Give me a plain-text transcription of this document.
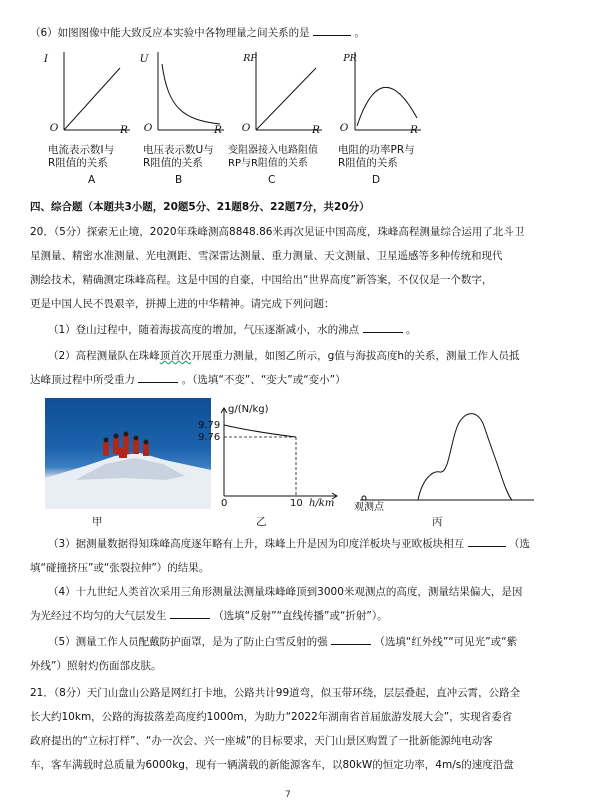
（6）如图图像中能大致反应本实验中各物理量之间关系的是	。
I
R
O
U
R
O
RP
R
O
PR
R
O
电流表示数I与
R阻值的关系
A
电压表示数U与
R阻值的关系
B
变阻器接入电路阻值
RP与R阻值的关系
C
电阻的功率PR与
R阻值的关系
D
四、综合题（本题共3小题，20题5分、21题8分、22题7分，共20分）
20．（5分）探索无止境，2020年珠峰测高8848.86米再次见证中国高度，珠峰高程测量综合运用了北斗卫
星测量、精密水准测量、光电测距、雪深雷达测量、重力测量、天文测量、卫星遥感等多种传统和现代
测绘技术，精确测定珠峰高程。这是中国的自豪，中国给出“世界高度”新答案，不仅仅是一个数字，
更是中国人民不畏艰辛，拼搏上进的中华精神。请完成下列问题：
（1）登山过程中，随着海拔高度的增加，气压逐渐减小，水的沸点	。
（2）高程测量队在珠峰顶首次开展重力测量，如图乙所示，g值与海拔高度h的关系，测量工作人员抵
达峰顶过程中所受重力	。（选填“不变”、“变大”或“变小”）
g/(N/kg)
9.79
9.76
0	10 h/km 观测点
甲	乙	丙
（3）据测量数据得知珠峰高度逐年略有上升，珠峰上升是因为印度洋板块与亚欧板块相互	（选
填“碰撞挤压”或“张裂拉伸”）的结果。
（4）十九世纪人类首次采用三角形测量法测量珠峰峰顶到3000米观测点的高度，测量结果偏大，是因
为光经过不均匀的大气层发生	（选填“反射”“直线传播”或“折射”）。
（5）测量工作人员配戴防护面罩，是为了防止白雪反射的强	（选填“红外线”“可见光”或“紫
外线”）照射灼伤面部皮肤。
21．（8分）天门山盘山公路是网红打卡地，公路共计99道弯，似玉带环绕，层层叠起，直冲云霄，公路全
长大约10km，公路的海拔落差高度约1000m，为助力“2022年湖南省首届旅游发展大会”，实现省委省
政府提出的“立标打样”、“办一次会、兴一座城”的目标要求，天门山景区购置了一批新能源纯电动客
车，客车满载时总质量为6000kg，现有一辆满载的新能源客车，以80kW的恒定功率，4m/s的速度沿盘
7
